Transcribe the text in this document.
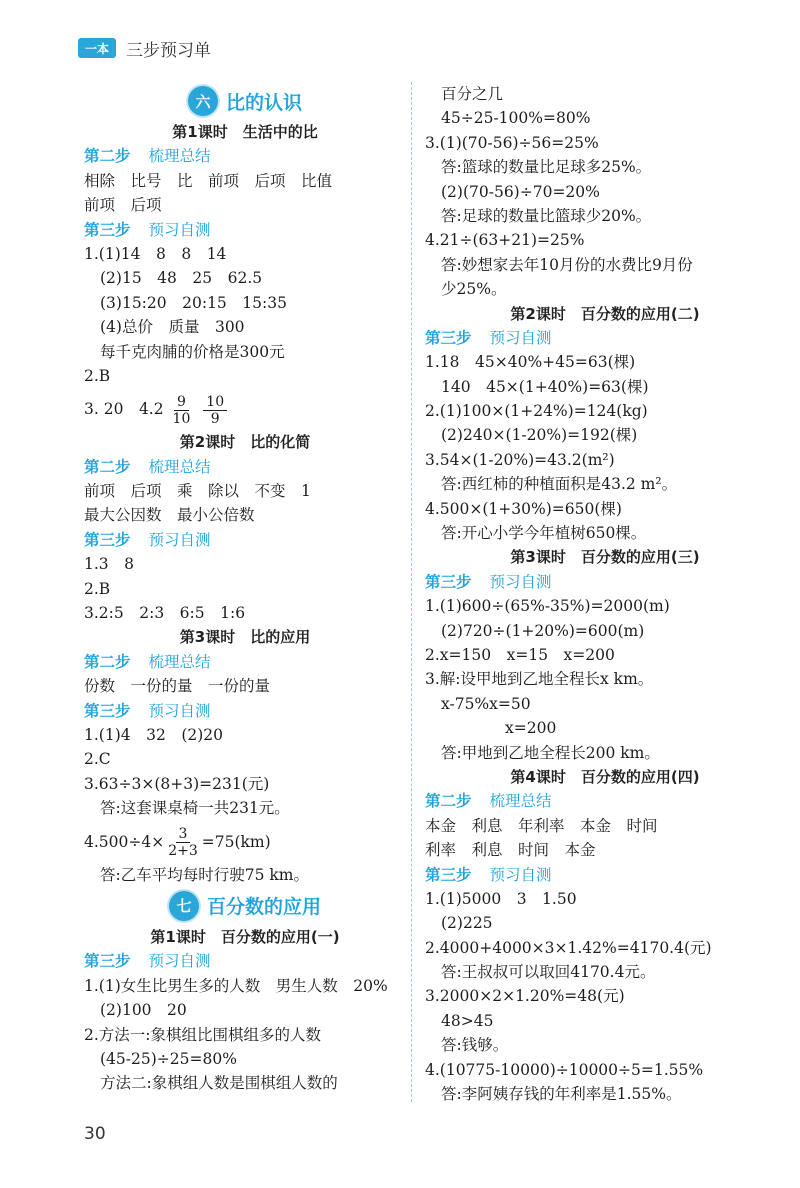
一本	三步预习单
六 比的认识
第1课时　生活中的比
第二步 梳理总结
相除　比号　比　前项　后项　比值
前项　后项
第三步 预习自测
1.(1)14　8　8　14
(2)15　48　25　62.5
(3)15:20　20:15　15:35
(4)总价　质量　300
每千克肉脯的价格是300元
2.B
3. 20　$4.2 \frac{9}{10}$
$\frac{10}{9}$
第2课时　比的化简
第二步 梳理总结
前项　后项　乘　除以　不变　1
最大公因数　最小公倍数
第三步 预习自测
1.3　8
2.B
3.2:5　2:3　6:5　1:6
第3课时　比的应用
第二步 梳理总结
份数　一份的量　一份的量
第三步 预习自测
1.(1)4　32　(2)20
2.C
3.63÷3×(8+3)=231(元)
答:这套课桌椅一共231元。
$4.500\div 4\times \frac{3}{2+3} =75(km)$
答:乙车平均每时行驶75 km。
七 百分数的应用
第1课时　百分数的应用(一)
第三步 预习自测
1.(1)女生比男生多的人数　男生人数　20%
(2)100　20
2.方法一:象棋组比围棋组多的人数
(45-25)÷25=80%
方法二:象棋组人数是围棋组人数的
百分之几
45÷25-100%=80%
3.(1)(70-56)÷56=25%
答:篮球的数量比足球多25%。
(2)(70-56)÷70=20%
答:足球的数量比篮球少20%。
4.21÷(63+21)=25%
答:妙想家去年10月份的水费比9月份
少25%。
第2课时　百分数的应用(二)
第三步 预习自测
1.18　45×40%+45=63(棵)
140　45×(1+40%)=63(棵)
2.(1)100×(1+24%)=124(kg)
(2)240×(1-20%)=192(棵)
3.54×(1-20%)=43.2(m²)
答:西红柿的种植面积是43.2 m²。
4.500×(1+30%)=650(棵)
答:开心小学今年植树650棵。
第3课时　百分数的应用(三)
第三步 预习自测
1.(1)600÷(65%-35%)=2000(m)
(2)720÷(1+20%)=600(m)
2.x=150　x=15　x=200
3.解:设甲地到乙地全程长x km。
x-75%x=50
x=200
答:甲地到乙地全程长200 km。
第4课时　百分数的应用(四)
第二步 梳理总结
本金　利息　年利率　本金　时间
利率　利息　时间　本金
第三步 预习自测
1.(1)5000　3　1.50
(2)225
2.4000+4000×3×1.42%=4170.4(元)
答:王叔叔可以取回4170.4元。
3.2000×2×1.20%=48(元)
48>45
答:钱够。
4.(10775-10000)÷10000÷5=1.55%
答:李阿姨存钱的年利率是1.55%。
30
